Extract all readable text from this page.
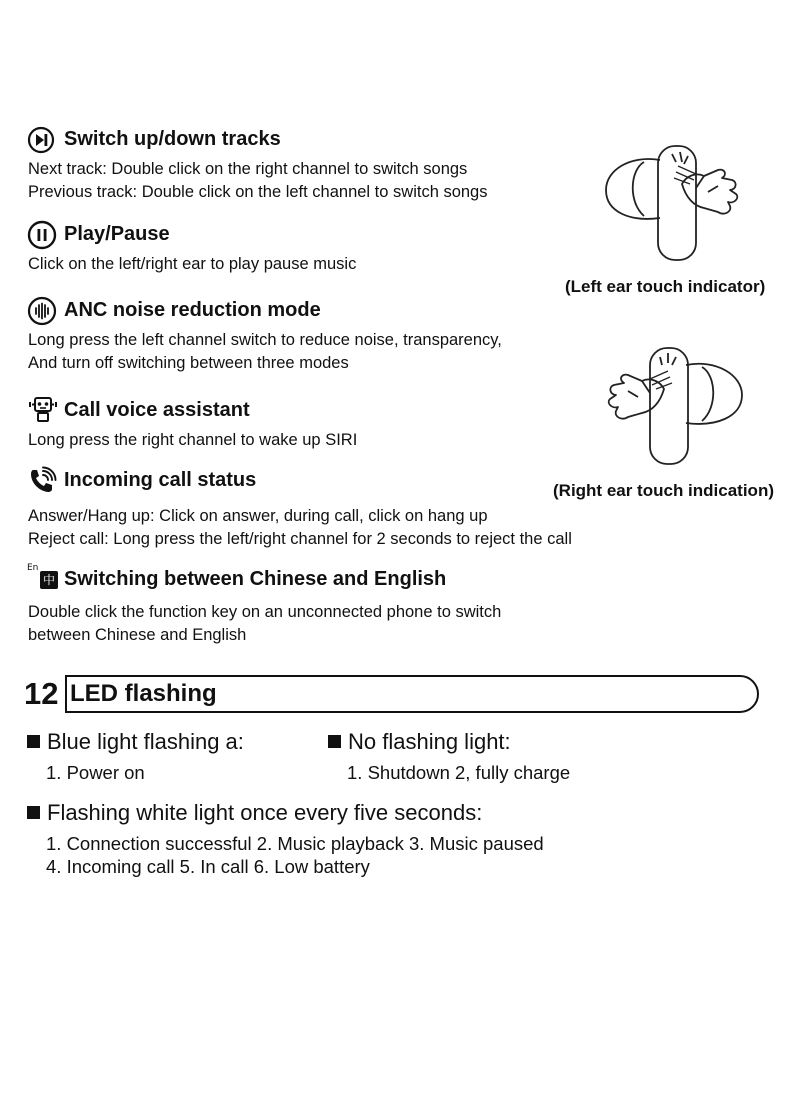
Switch up/down tracks
Next track: Double click on the right channel to switch songs
Previous track: Double click on the left channel to switch songs
Play/Pause
Click on the left/right ear to play pause music
ANC noise reduction mode
Long press the left channel switch to reduce noise, transparency,
And turn off switching between three modes
Call voice assistant
Long press the right channel to wake up SIRI
Incoming call status
Answer/Hang up: Click on answer, during call, click on hang up
Reject call: Long press the left/right channel for 2 seconds to reject the call
En
中 Switching between Chinese and English
Double click the function key on an unconnected phone to switch
between Chinese and English
(Left ear touch indicator)
(Right ear touch indication)
12 LED flashing
Blue light flashing a:
1. Power on
No flashing light:
1. Shutdown 2, fully charge
Flashing white light once every five seconds:
1. Connection successful 2. Music playback 3. Music paused
4. Incoming call 5. In call 6. Low battery
